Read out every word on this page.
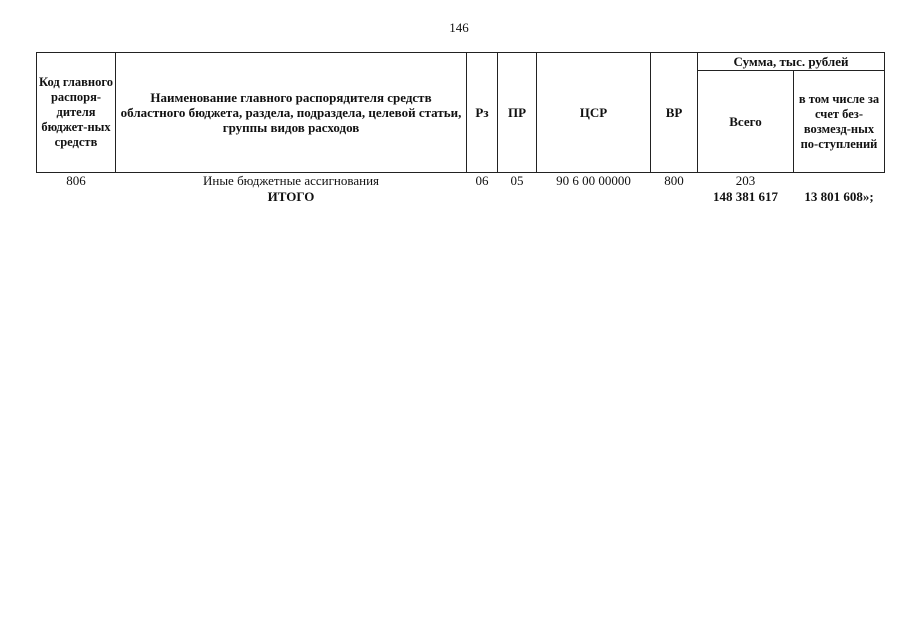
146
Код главного распоря-дителя бюджет-ных средств	Наименование главного распорядителя средств областного бюджета, раздела, подраздела, целевой статьи, группы видов расходов	Рз	ПР	ЦСР	ВР	Сумма, тыс. рублей	
						Всего	в том числе за счет без-возмезд-ных по-ступлений
806	Иные бюджетные ассигнования	06	05	90 6 00 00000	800	203	
	ИТОГО					148 381 617	13 801 608»;
